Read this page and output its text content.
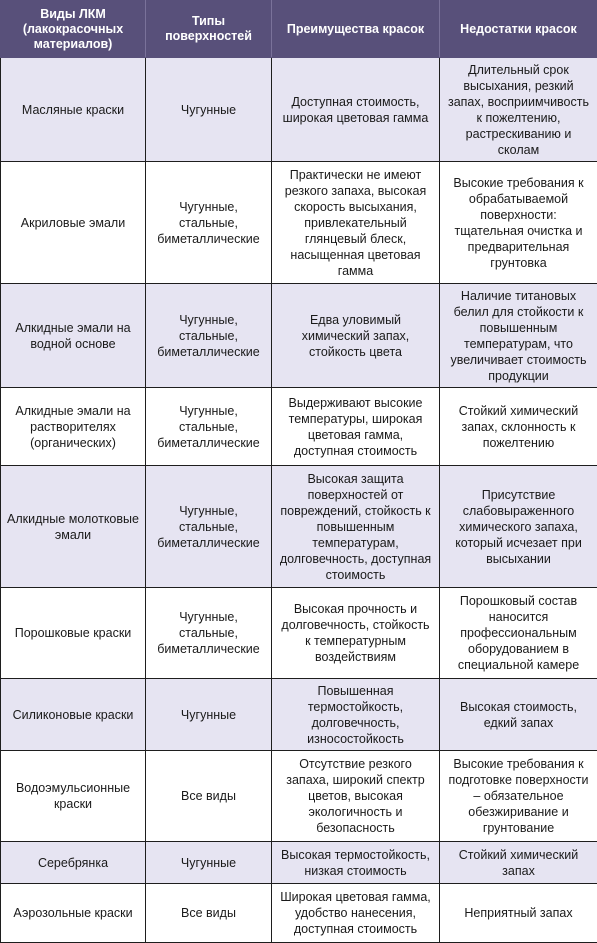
Виды ЛКМ (лакокрасочных материалов)	Типы поверхностей	Преимущества красок	Недостатки красок
Масляные краски	Чугунные	Доступная стоимость, широкая цветовая гамма	Длительный срок высыхания, резкий запах, восприимчивость к пожелтению, растрескиванию и сколам
Акриловые эмали	Чугунные, стальные, биметаллические	Практически не имеют резкого запаха, высокая скорость высыхания, привлекательный глянцевый блеск, насыщенная цветовая гамма	Высокие требования к обрабатываемой поверхности: тщательная очистка и предварительная грунтовка
Алкидные эмали на водной основе	Чугунные, стальные, биметаллические	Едва уловимый химический запах, стойкость цвета	Наличие титановых белил для стойкости к повышенным температурам, что увеличивает стоимость продукции
Алкидные эмали на растворителях (органических)	Чугунные, стальные, биметаллические	Выдерживают высокие температуры, широкая цветовая гамма, доступная стоимость	Стойкий химический запах, склонность к пожелтению
Алкидные молотковые эмали	Чугунные, стальные, биметаллические	Высокая защита поверхностей от повреждений, стойкость к повышенным температурам, долговечность, доступная стоимость	Присутствие слабовыраженного химического запаха, который исчезает при высыхании
Порошковые краски	Чугунные, стальные, биметаллические	Высокая прочность и долговечность, стойкость к температурным воздействиям	Порошковый состав наносится профессиональным оборудованием в специальной камере
Силиконовые краски	Чугунные	Повышенная термостойкость, долговечность, износостойкость	Высокая стоимость, едкий запах
Водоэмульсионные краски	Все виды	Отсутствие резкого запаха, широкий спектр цветов, высокая экологичность и безопасность	Высокие требования к подготовке поверхности – обязательное обезжиривание и грунтование
Серебрянка	Чугунные	Высокая термостойкость, низкая стоимость	Стойкий химический запах
Аэрозольные краски	Все виды	Широкая цветовая гамма, удобство нанесения, доступная стоимость	Неприятный запах
